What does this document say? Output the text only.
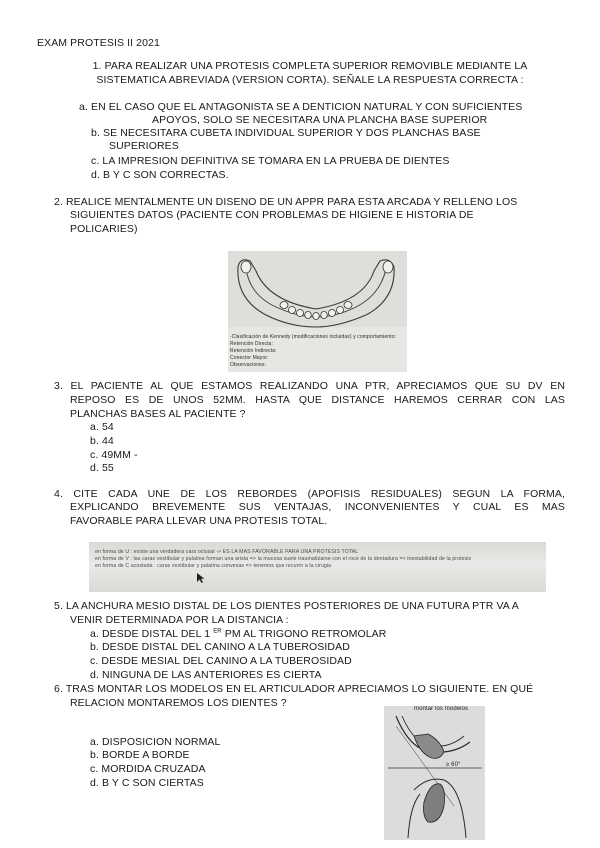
EXAM PROTESIS II 2021
1. PARA REALIZAR UNA PROTESIS COMPLETA SUPERIOR REMOVIBLE MEDIANTE LA
SISTEMATICA ABREVIADA (VERSION CORTA). SEÑALE LA RESPUESTA CORRECTA :
a. EN EL CASO QUE EL ANTAGONISTA SE A DENTICION NATURAL Y CON SUFICIENTES
APOYOS, SOLO SE NECESITARA UNA PLANCHA BASE SUPERIOR
b. SE NECESITARA CUBETA INDIVIDUAL SUPERIOR Y DOS PLANCHAS BASE
SUPERIORES
c. LA IMPRESION DEFINITIVA SE TOMARA EN LA PRUEBA DE DIENTES
d. B Y C SON CORRECTAS.
2. REALICE MENTALMENTE UN DISENO DE UN APPR PARA ESTA ARCADA Y RELLENO LOS
SIGUIENTES DATOS (PACIENTE CON PROBLEMAS DE HIGIENE E HISTORIA DE
POLICARIES)
-Clasificación de Kennedy (modificaciones incluidas) y comportamiento:
Retención Directa:
Retención Indirecta:
Conector Mayor:
Observaciones:
3. EL PACIENTE AL QUE ESTAMOS REALIZANDO UNA PTR, APRECIAMOS QUE SU DV EN
REPOSO ES DE UNOS 52MM. HASTA QUE DISTANCE HAREMOS CERRAR CON LAS
PLANCHAS BASES AL PACIENTE ?
a. 54
b. 44
c. 49MM -
d. 55
4. CITE CADA UNE DE LOS REBORDES (APOFISIS RESIDUALES) SEGUN LA FORMA,
EXPLICANDO BREVEMENTE SUS VENTAJAS, INCONVENIENTES Y CUAL ES MAS
FAVORABLE PARA LLEVAR UNA PROTESIS TOTAL.
en forma de U : existe una verdadera cara oclusal -> ES LA MAS FAVORABLE PARA UNA PROTESIS TOTAL
en forma de V : las caras vestibular y palatina forman una arista => la mucosa suele traumatizarse con el roce de la dentadura => inestabilidad de la protesis
en forma de C acostada : caras vestibular y palatina convexas => tenemos que recurrir a la cirugia
5. LA ANCHURA MESIO DISTAL DE LOS DIENTES POSTERIORES DE UNA FUTURA PTR VA A
VENIR DETERMINADA POR LA DISTANCIA :
a. DESDE DISTAL DEL 1 $^{ER}$ PM AL TRIGONO RETROMOLAR
b. DESDE DISTAL DEL CANINO A LA TUBEROSIDAD
c. DESDE MESIAL DEL CANINO A LA TUBEROSIDAD
d. NINGUNA DE LAS ANTERIORES ES CIERTA
6. TRAS MONTAR LOS MODELOS EN EL ARTICULADOR APRECIAMOS LO SIGUIENTE. EN QUÉ
RELACION MONTAREMOS LOS DIENTES ?
a. DISPOSICION NORMAL
b. BORDE A BORDE
c. MORDIDA CRUZADA
d. B Y C SON CIERTAS
montar los modelos
≥ 60°
